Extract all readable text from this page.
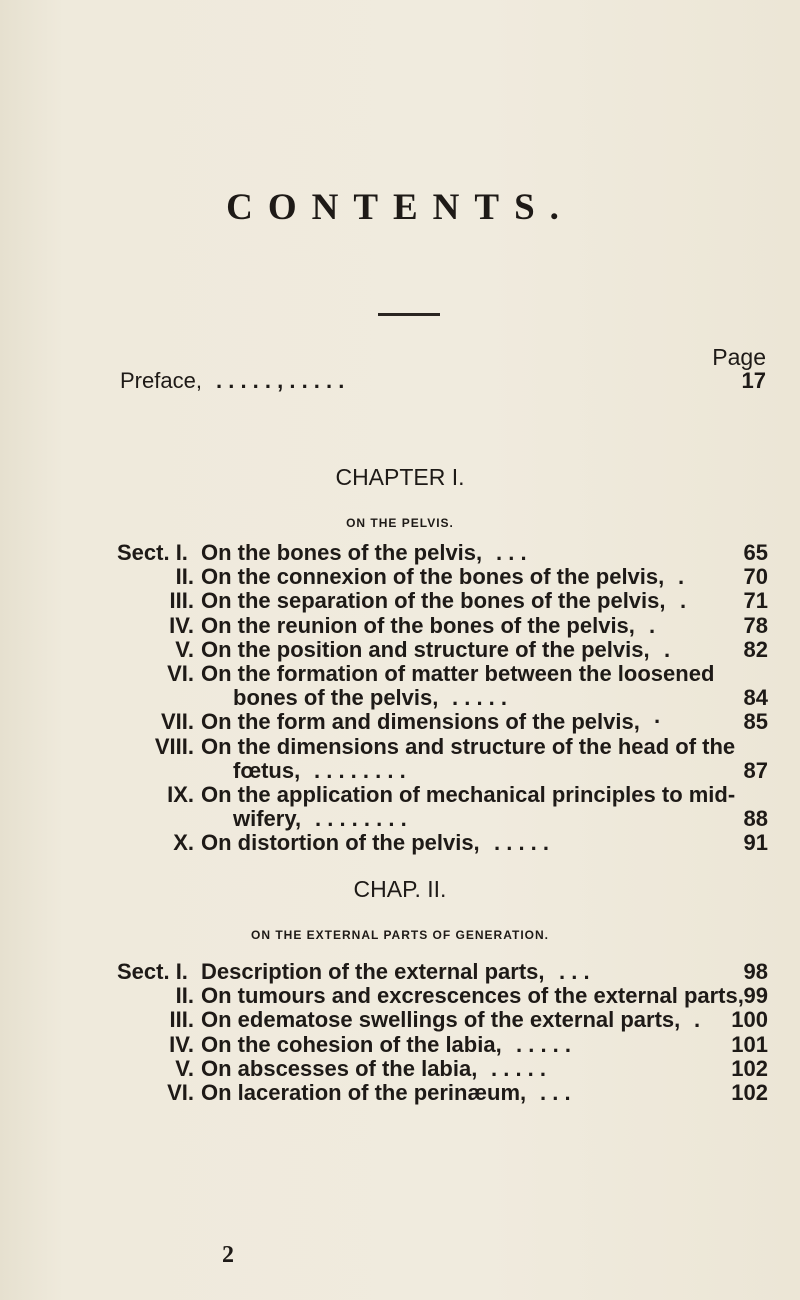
CONTENTS.
Page
Preface, . . . . . , . . . . .	17
CHAPTER I.
ON THE PELVIS.
Sect. I. On the bones of the pelvis, . . .	65
II. On the connexion of the bones of the pelvis, .	70
III. On the separation of the bones of the pelvis, .	71
IV. On the reunion of the bones of the pelvis, .	78
V. On the position and structure of the pelvis, .	82
VI. On the formation of matter between the loosened
bones of the pelvis, . . . . .	84
VII. On the form and dimensions of the pelvis, ·	85
VIII. On the dimensions and structure of the head of the
fœtus, . . . . . . . .	87
IX. On the application of mechanical principles to mid-
wifery, . . . . . . . .	88
X. On distortion of the pelvis, . . . . .	91
CHAP. II.
ON THE EXTERNAL PARTS OF GENERATION.
Sect. I. Description of the external parts, . . .	98
II. On tumours and excrescences of the external parts, 99
III. On edematose swellings of the external parts, . 100
IV. On the cohesion of the labia, . . . . .	101
V. On abscesses of the labia, . . . . .	102
VI. On laceration of the perinæum, . . .	102
2
